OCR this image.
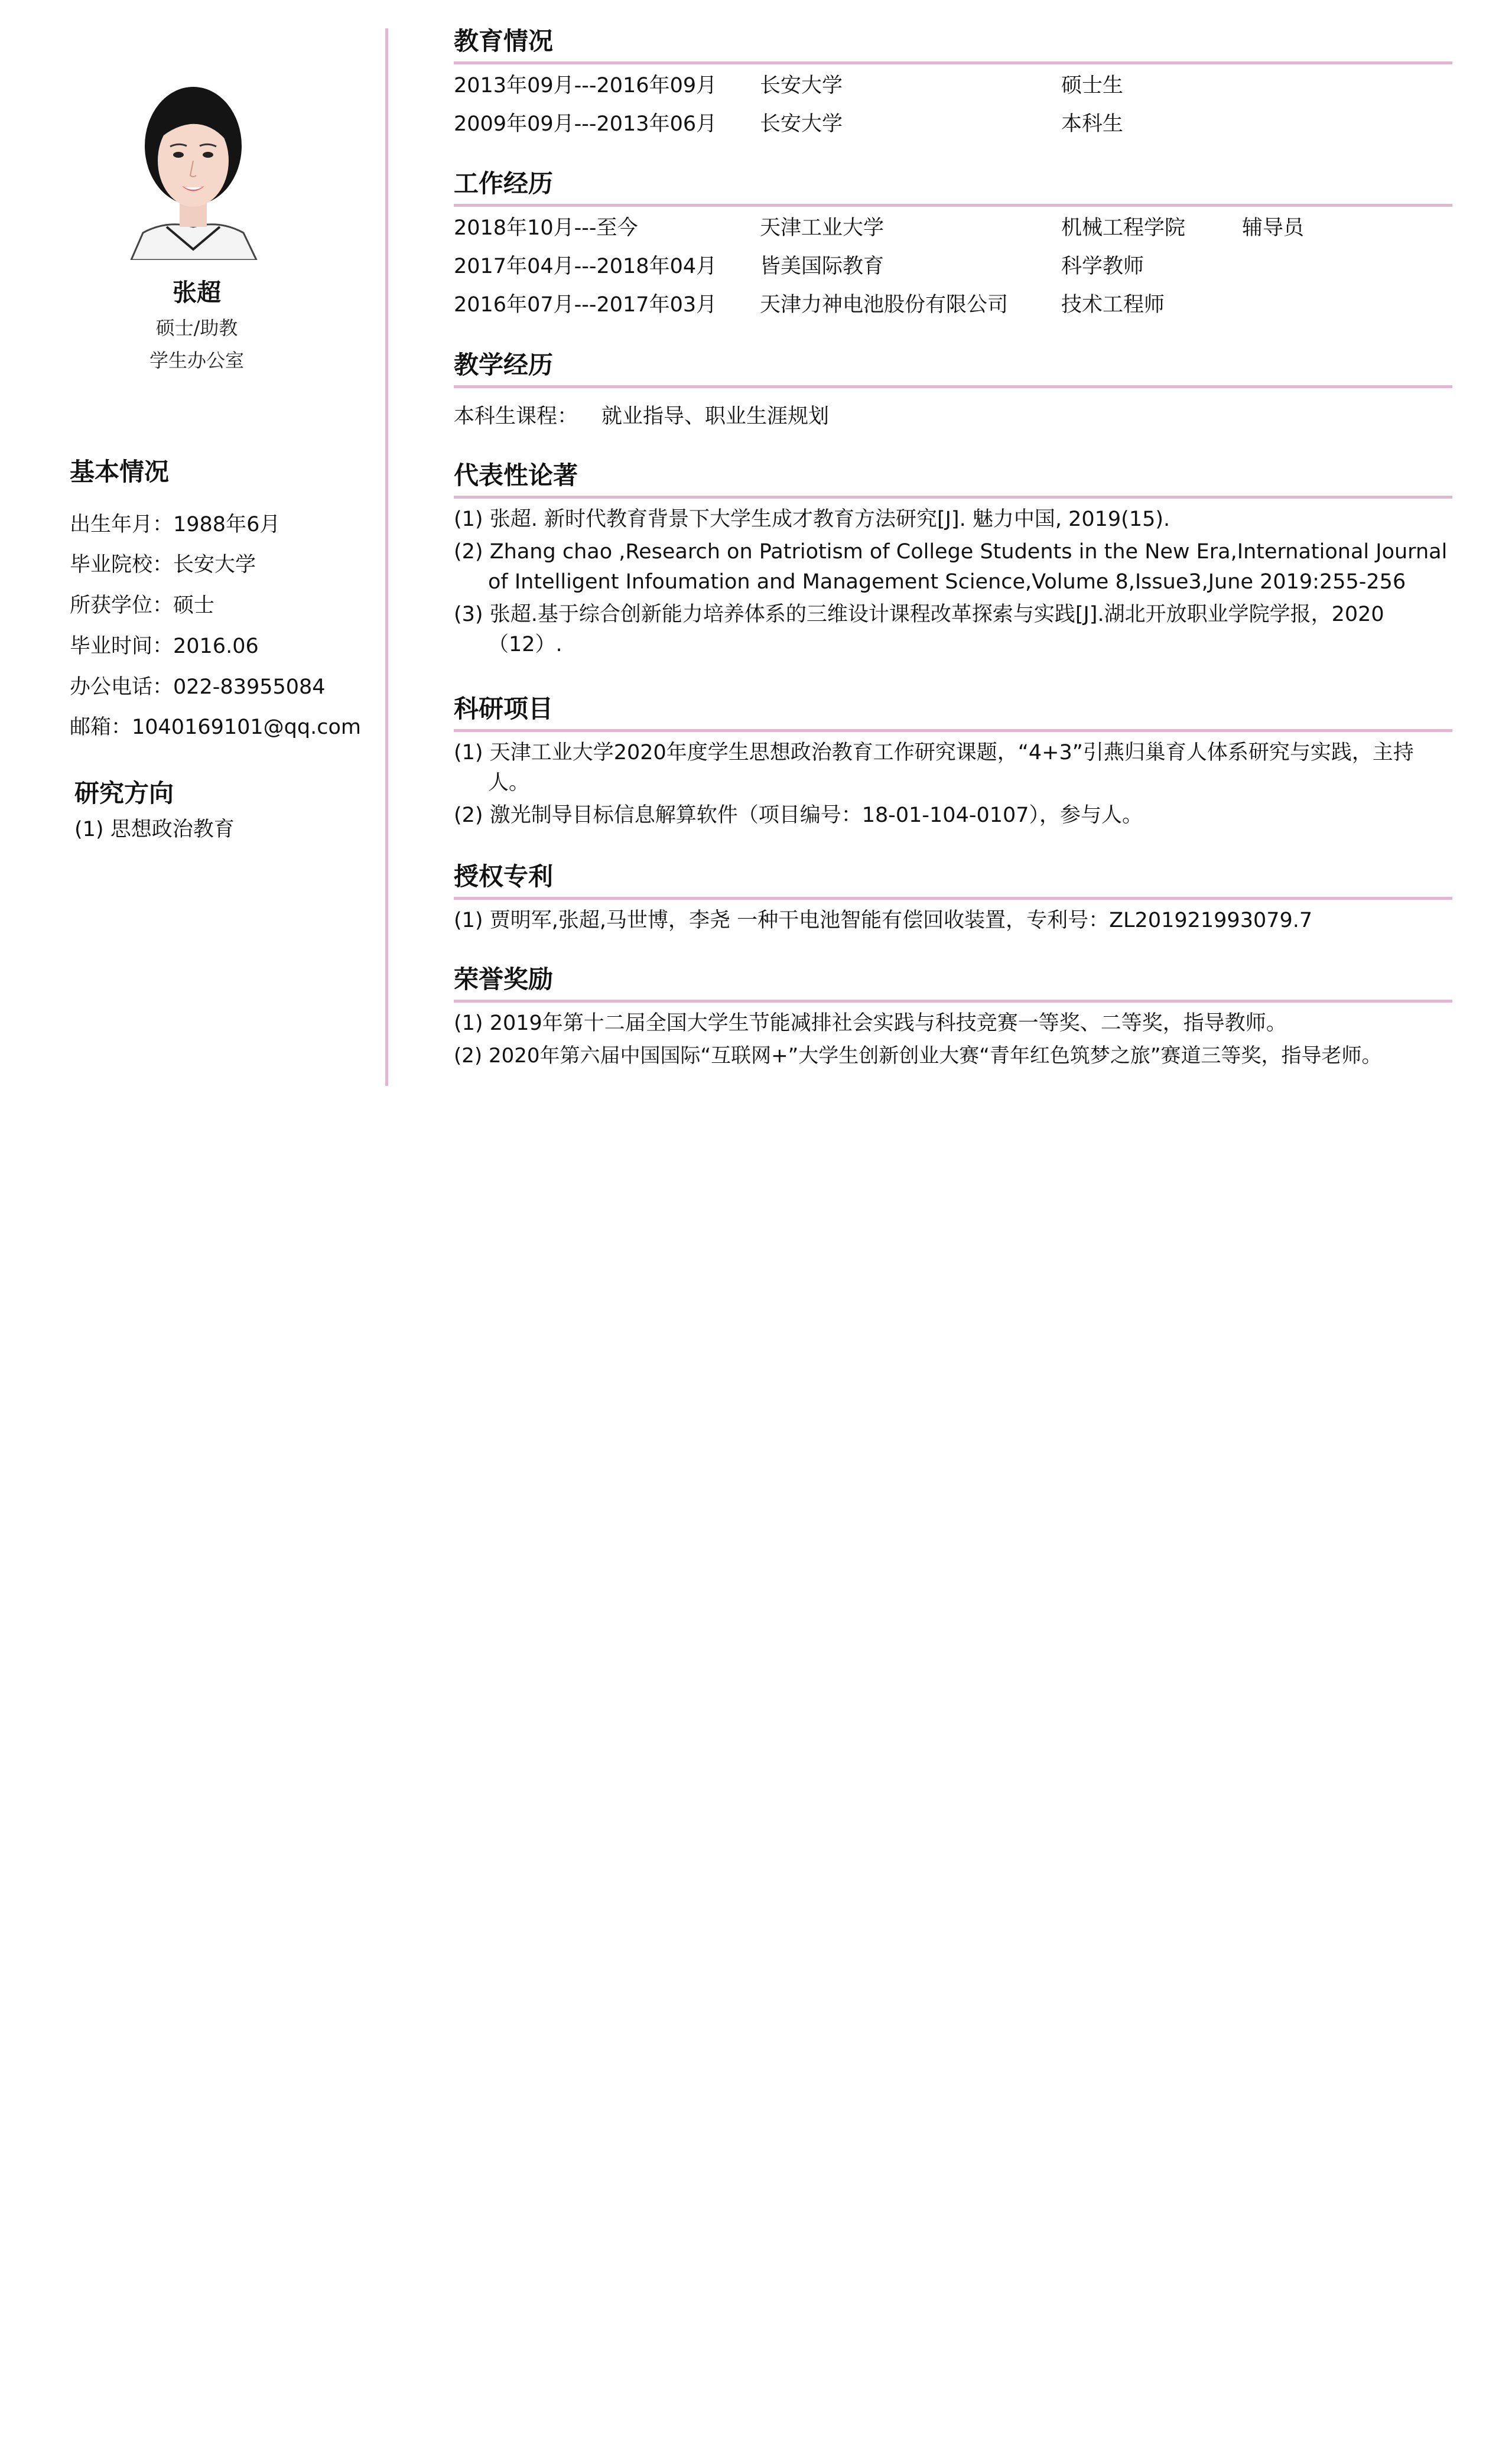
张超
硕士/助教
学生办公室
基本情况
出生年月：1988年6月
毕业院校：长安大学
所获学位：硕士
毕业时间：2016.06
办公电话：022-83955084
邮箱：1040169101@qq.com
研究方向
(1) 思想政治教育
教育情况
2013年09月---2016年09月 长安大学	硕士生
2009年09月---2013年06月 长安大学	本科生
工作经历
2018年10月---至今	天津工业大学	机械工程学院	辅导员
2017年04月---2018年04月 皆美国际教育	科学教师
2016年07月---2017年03月 天津力神电池股份有限公司	技术工程师
教学经历
本科生课程： 就业指导、职业生涯规划
代表性论著
(1) 张超. 新时代教育背景下大学生成才教育方法研究[J]. 魅力中国, 2019(15).
(2) Zhang chao ,Research on Patriotism of College Students in the New Era,International Journal of Intelligent Infoumation and Management Science,Volume 8,Issue3,June 2019:255-256
(3) 张超.基于综合创新能力培养体系的三维设计课程改革探索与实践[J].湖北开放职业学院学报，2020（12）.
科研项目
(1) 天津工业大学2020年度学生思想政治教育工作研究课题，“4+3”引燕归巢育人体系研究与实践，主持人。
(2) 激光制导目标信息解算软件（项目编号：18-01-104-0107），参与人。
授权专利
(1) 贾明军,张超,马世博，李尧 一种干电池智能有偿回收装置，专利号：ZL201921993079.7
荣誉奖励
(1) 2019年第十二届全国大学生节能减排社会实践与科技竞赛一等奖、二等奖，指导教师。
(2) 2020年第六届中国国际“互联网+”大学生创新创业大赛“青年红色筑梦之旅”赛道三等奖，指导老师。
